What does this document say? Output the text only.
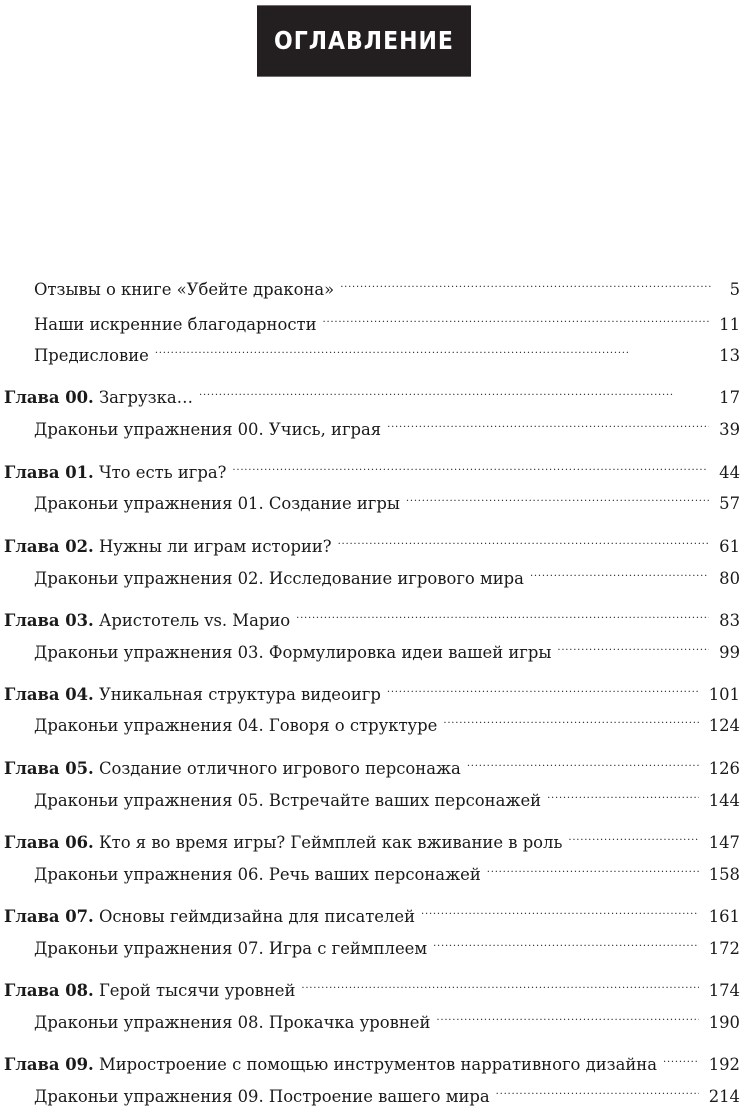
ОГЛАВЛЕНИЕ
Отзывы о книге «Убейте дракона» . . .	5
Наши искренние благодарности . . .	11
Предисловие . . .	13
Глава 00. Загрузка… . . .	17
Драконьи упражнения 00. Учись, играя . . .	39
Глава 01. Что есть игра? . . .	44
Драконьи упражнения 01. Создание игры . . .	57
Глава 02. Нужны ли играм истории? . . .	61
Драконьи упражнения 02. Исследование игрового мира . . .	80
Глава 03. Аристотель vs. Марио . . .	83
Драконьи упражнения 03. Формулировка идеи вашей игры . . .	99
Глава 04. Уникальная структура видеоигр . . .	101
Драконьи упражнения 04. Говоря о структуре . . .	124
Глава 05. Создание отличного игрового персонажа . . .	126
Драконьи упражнения 05. Встречайте ваших персонажей . . .	144
Глава 06. Кто я во время игры? Геймплей как вживание в роль . . .	147
Драконьи упражнения 06. Речь ваших персонажей . . .	158
Глава 07. Основы геймдизайна для писателей . . .	161
Драконьи упражнения 07. Игра с геймплеем . . .	172
Глава 08. Герой тысячи уровней . . .	174
Драконьи упражнения 08. Прокачка уровней . . .	190
Глава 09. Миростроение с помощью инструментов нарративного дизайна . . .	192
Драконьи упражнения 09. Построение вашего мира . . .	214
